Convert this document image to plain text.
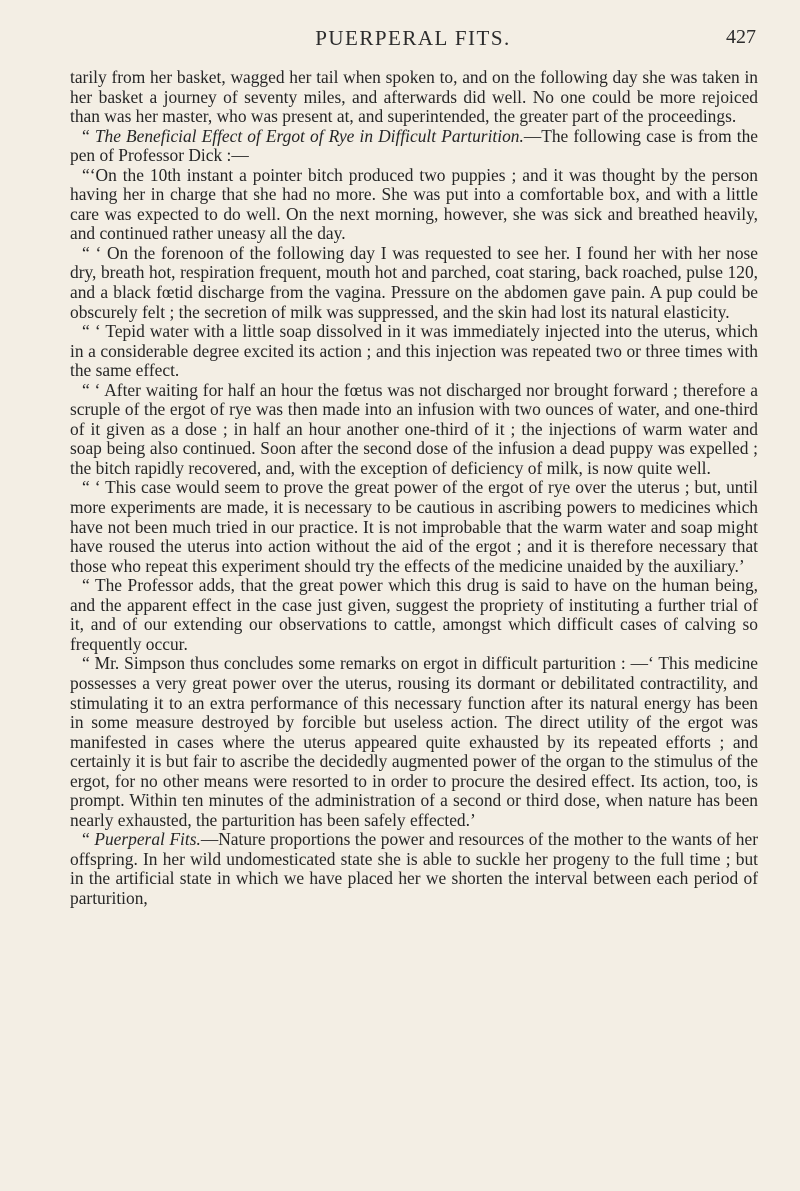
PUERPERAL FITS.	427

tarily from her basket, wagged her tail when spoken to, and on the following day she was taken in her basket a journey of seventy miles, and afterwards did well. No one could be more rejoiced than was her master, who was present at, and superintended, the greater part of the proceedings.

“ The Beneficial Effect of Ergot of Rye in Difficult Parturition.—The following case is from the pen of Professor Dick :—

“‘On the 10th instant a pointer bitch produced two puppies ; and it was thought by the person having her in charge that she had no more. She was put into a comfortable box, and with a little care was expected to do well. On the next morning, however, she was sick and breathed heavily, and continued rather uneasy all the day.

“ ‘ On the forenoon of the following day I was requested to see her. I found her with her nose dry, breath hot, respiration frequent, mouth hot and parched, coat staring, back roached, pulse 120, and a black fœtid discharge from the vagina. Pressure on the abdomen gave pain. A pup could be obscurely felt ; the secretion of milk was suppressed, and the skin had lost its natural elasticity.

“ ‘ Tepid water with a little soap dissolved in it was immediately injected into the uterus, which in a considerable degree excited its action ; and this injection was repeated two or three times with the same effect.

“ ‘ After waiting for half an hour the fœtus was not discharged nor brought forward ; therefore a scruple of the ergot of rye was then made into an infusion with two ounces of water, and one-third of it given as a dose ; in half an hour another one-third of it ; the injections of warm water and soap being also continued. Soon after the second dose of the infusion a dead puppy was expelled ; the bitch rapidly recovered, and, with the exception of deficiency of milk, is now quite well.

“ ‘ This case would seem to prove the great power of the ergot of rye over the uterus ; but, until more experiments are made, it is necessary to be cautious in ascribing powers to medicines which have not been much tried in our practice. It is not improbable that the warm water and soap might have roused the uterus into action without the aid of the ergot ; and it is therefore necessary that those who repeat this experiment should try the effects of the medicine unaided by the auxiliary.’

“ The Professor adds, that the great power which this drug is said to have on the human being, and the apparent effect in the case just given, suggest the propriety of instituting a further trial of it, and of our extending our observations to cattle, amongst which difficult cases of calving so frequently occur.

“ Mr. Simpson thus concludes some remarks on ergot in difficult parturition : —‘ This medicine possesses a very great power over the uterus, rousing its dormant or debilitated contractility, and stimulating it to an extra performance of this necessary function after its natural energy has been in some measure destroyed by forcible but useless action. The direct utility of the ergot was manifested in cases where the uterus appeared quite exhausted by its repeated efforts ; and certainly it is but fair to ascribe the decidedly augmented power of the organ to the stimulus of the ergot, for no other means were resorted to in order to procure the desired effect. Its action, too, is prompt. Within ten minutes of the administration of a second or third dose, when nature has been nearly exhausted, the parturition has been safely effected.’

“ Puerperal Fits.—Nature proportions the power and resources of the mother to the wants of her offspring. In her wild undomesticated state she is able to suckle her progeny to the full time ; but in the artificial state in which we have placed her we shorten the interval between each period of parturition,
